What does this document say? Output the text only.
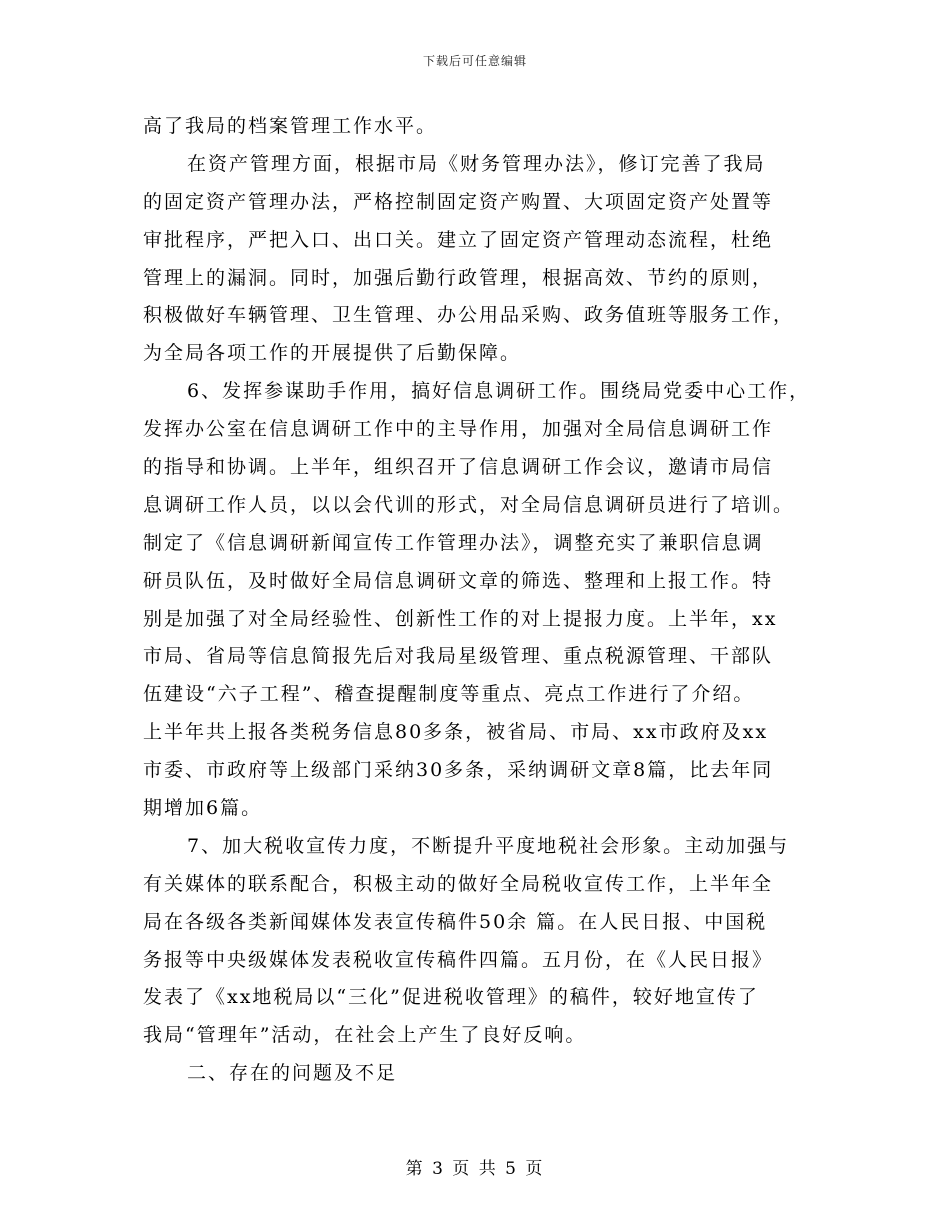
下载后可任意编辑
高了我局的档案管理工作水平。
在资产管理方面，根据市局《财务管理办法》，修订完善了我局
的固定资产管理办法，严格控制固定资产购置、大项固定资产处置等
审批程序，严把入口、出口关。建立了固定资产管理动态流程，杜绝
管理上的漏洞。同时，加强后勤行政管理，根据高效、节约的原则，
积极做好车辆管理、卫生管理、办公用品采购、政务值班等服务工作，
为全局各项工作的开展提供了后勤保障。
6、发挥参谋助手作用，搞好信息调研工作。围绕局党委中心工作，
发挥办公室在信息调研工作中的主导作用，加强对全局信息调研工作
的指导和协调。上半年，组织召开了信息调研工作会议，邀请市局信
息调研工作人员，以以会代训的形式，对全局信息调研员进行了培训。
制定了《信息调研新闻宣传工作管理办法》，调整充实了兼职信息调
研员队伍，及时做好全局信息调研文章的筛选、整理和上报工作。特
别是加强了对全局经验性、创新性工作的对上提报力度。上半年，xx
市局、省局等信息简报先后对我局星级管理、重点税源管理、干部队
伍建设“六子工程”、稽查提醒制度等重点、亮点工作进行了介绍。
上半年共上报各类税务信息80多条，被省局、市局、xx市政府及xx
市委、市政府等上级部门采纳30多条，采纳调研文章8篇，比去年同
期增加6篇。
7、加大税收宣传力度，不断提升平度地税社会形象。主动加强与
有关媒体的联系配合，积极主动的做好全局税收宣传工作，上半年全
局在各级各类新闻媒体发表宣传稿件50余 篇。在人民日报、中国税
务报等中央级媒体发表税收宣传稿件四篇。五月份，在《人民日报》
发表了《xx地税局以“三化”促进税收管理》的稿件，较好地宣传了
我局“管理年”活动，在社会上产生了良好反响。
二、存在的问题及不足
第 3 页 共 5 页
